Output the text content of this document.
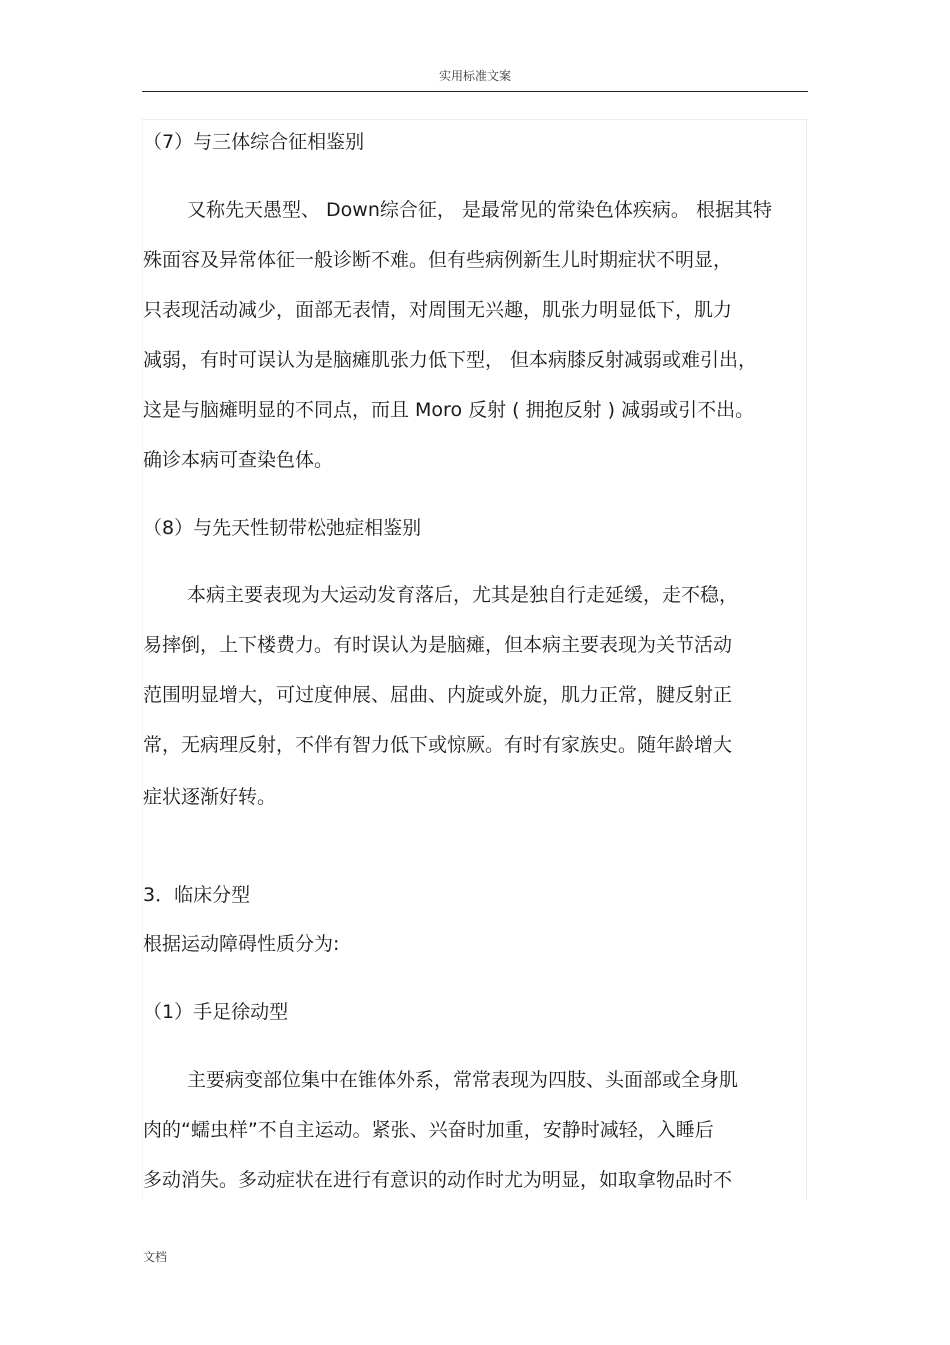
实用标准文案
（7）与三体综合征相鉴别
又称先天愚型、 Down综合征， 是最常见的常染色体疾病。 根据其特
殊面容及异常体征一般诊断不难。但有些病例新生儿时期症状不明显，
只表现活动减少，面部无表情，对周围无兴趣，肌张力明显低下，肌力
减弱，有时可误认为是脑瘫肌张力低下型， 但本病膝反射减弱或难引出，
这是与脑瘫明显的不同点，而且 Moro 反射 ( 拥抱反射 ) 减弱或引不出。
确诊本病可查染色体。
（8）与先天性韧带松弛症相鉴别
本病主要表现为大运动发育落后，尤其是独自行走延缓，走不稳，
易摔倒，上下楼费力。有时误认为是脑瘫，但本病主要表现为关节活动
范围明显增大，可过度伸展、屈曲、内旋或外旋，肌力正常，腱反射正
常，无病理反射，不伴有智力低下或惊厥。有时有家族史。随年龄增大
症状逐渐好转。
3．临床分型
根据运动障碍性质分为:
（1）手足徐动型
主要病变部位集中在锥体外系，常常表现为四肢、头面部或全身肌
肉的“蠕虫样”不自主运动。紧张、兴奋时加重，安静时减轻，入睡后
多动消失。多动症状在进行有意识的动作时尤为明显，如取拿物品时不
文档
